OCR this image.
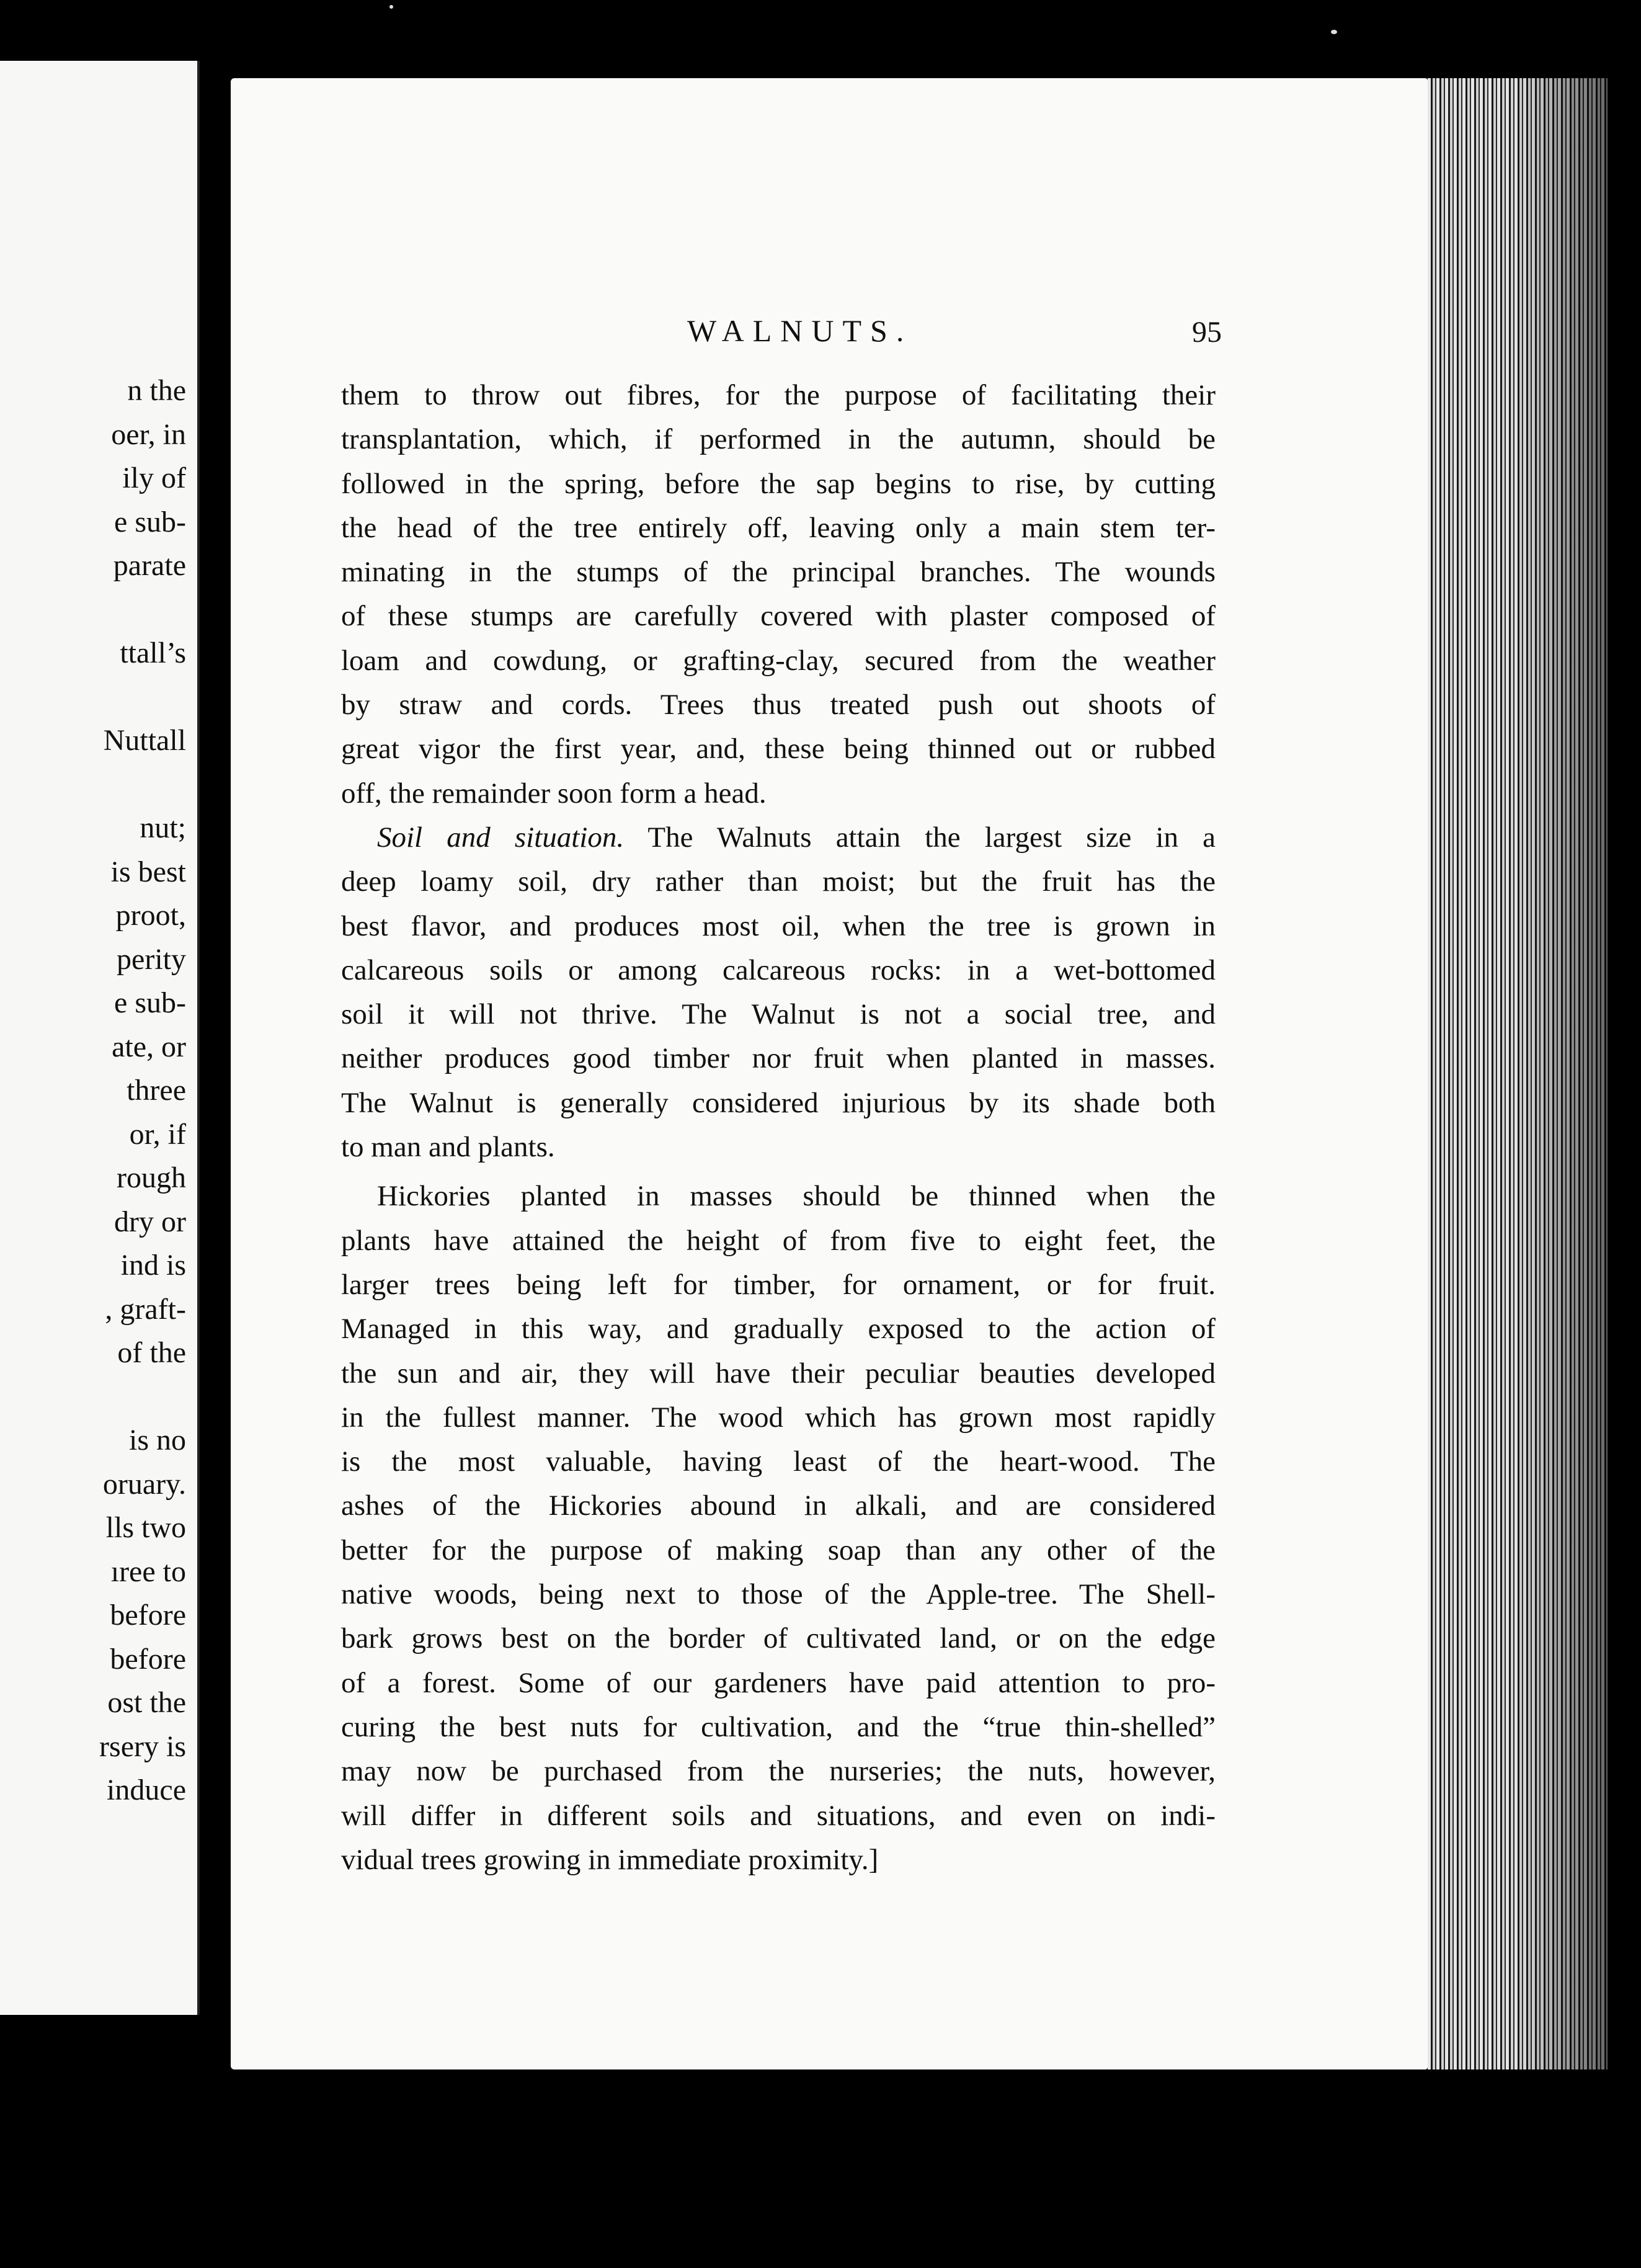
n the
oer, in
ily of
e sub-
parate
ttall’s
Nuttall
nut;
is best
proot,
perity
e sub-
ate, or
three
or, if
rough
dry or
ind is
, graft-
of the
is no
oruary.
lls two
ıree to
before
before
ost the
rsery is
induce
WALNUTS.	95
them to throw out fibres, for the purpose of facilitating their
transplantation, which, if performed in the autumn, should be
followed in the spring, before the sap begins to rise, by cutting
the head of the tree entirely off, leaving only a main stem ter-
minating in the stumps of the principal branches. The wounds
of these stumps are carefully covered with plaster composed of
loam and cowdung, or grafting-clay, secured from the weather
by straw and cords. Trees thus treated push out shoots of
great vigor the first year, and, these being thinned out or rubbed
off, the remainder soon form a head.
Soil and situation. The Walnuts attain the largest size in a
deep loamy soil, dry rather than moist; but the fruit has the
best flavor, and produces most oil, when the tree is grown in
calcareous soils or among calcareous rocks: in a wet-bottomed
soil it will not thrive. The Walnut is not a social tree, and
neither produces good timber nor fruit when planted in masses.
The Walnut is generally considered injurious by its shade both
to man and plants.
Hickories planted in masses should be thinned when the
plants have attained the height of from five to eight feet, the
larger trees being left for timber, for ornament, or for fruit.
Managed in this way, and gradually exposed to the action of
the sun and air, they will have their peculiar beauties developed
in the fullest manner. The wood which has grown most rapidly
is the most valuable, having least of the heart-wood. The
ashes of the Hickories abound in alkali, and are considered
better for the purpose of making soap than any other of the
native woods, being next to those of the Apple-tree. The Shell-
bark grows best on the border of cultivated land, or on the edge
of a forest. Some of our gardeners have paid attention to pro-
curing the best nuts for cultivation, and the “true thin-shelled”
may now be purchased from the nurseries; the nuts, however,
will differ in different soils and situations, and even on indi-
vidual trees growing in immediate proximity.]
